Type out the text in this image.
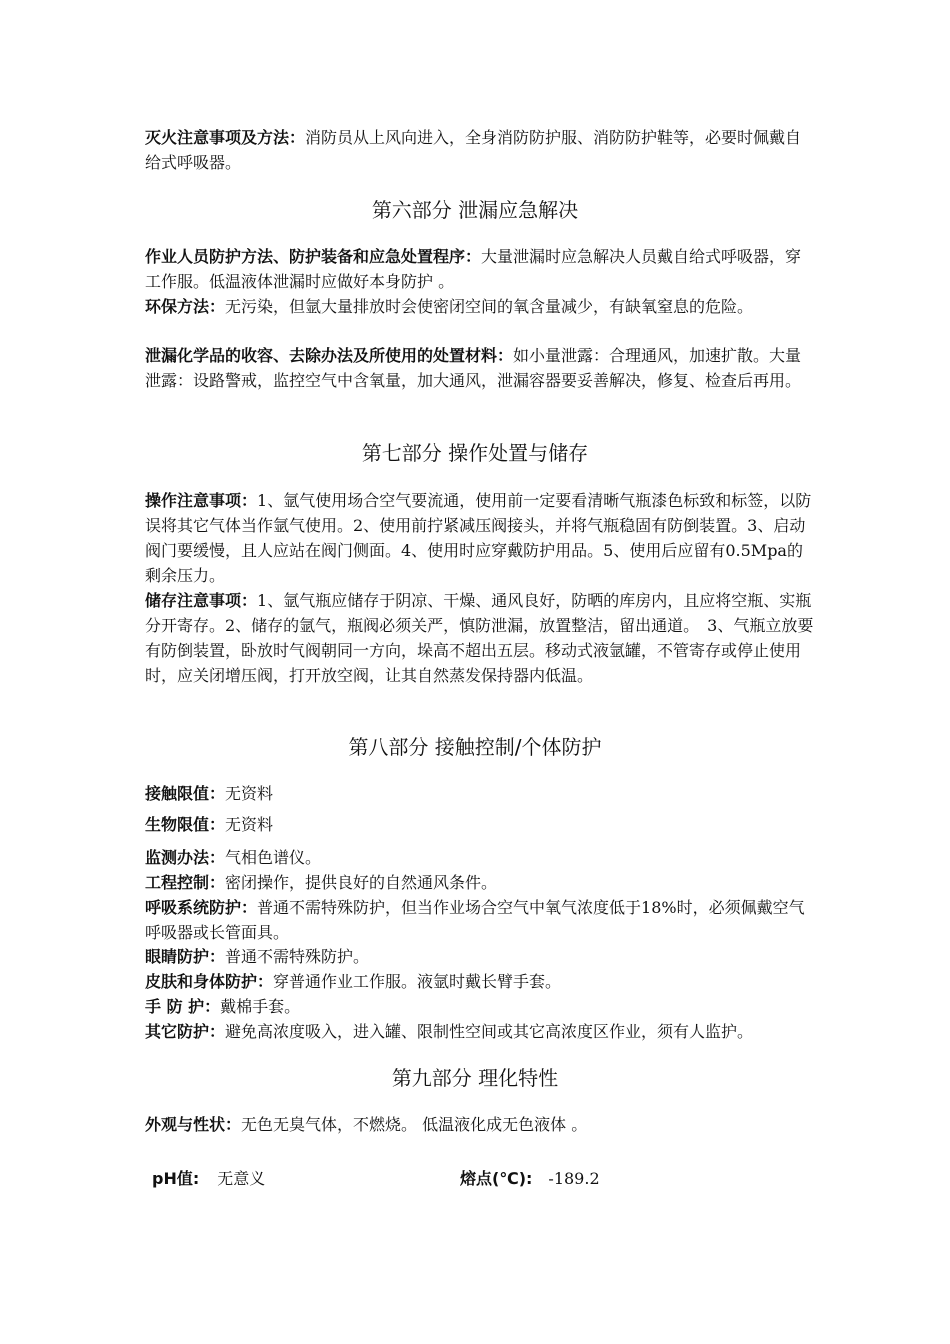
灭火注意事项及方法：消防员从上风向进入，全身消防防护服、消防防护鞋等，必要时佩戴自给式呼吸器。
第六部分 泄漏应急解决
作业人员防护方法、防护装备和应急处置程序：大量泄漏时应急解决人员戴自给式呼吸器，穿工作服。低温液体泄漏时应做好本身防护 。
环保方法：无污染，但氩大量排放时会使密闭空间的氧含量减少，有缺氧窒息的危险。
泄漏化学品的收容、去除办法及所使用的处置材料：如小量泄露：合理通风，加速扩散。大量泄露：设路警戒，监控空气中含氧量，加大通风，泄漏容器要妥善解决，修复、检查后再用。
第七部分 操作处置与储存
操作注意事项：1、氩气使用场合空气要流通，使用前一定要看清晰气瓶漆色标致和标签，以防误将其它气体当作氩气使用。2、使用前拧紧减压阀接头，并将气瓶稳固有防倒装置。3、启动阀门要缓慢，且人应站在阀门侧面。4、使用时应穿戴防护用品。5、使用后应留有0.5Mpa的剩余压力。
储存注意事项：1、氩气瓶应储存于阴凉、干燥、通风良好，防晒的库房内，且应将空瓶、实瓶分开寄存。2、储存的氩气，瓶阀必须关严，慎防泄漏，放置整洁，留出通道。　3、气瓶立放要有防倒装置，卧放时气阀朝同一方向，垛高不超出五层。移动式液氩罐，不管寄存或停止使用时，应关闭增压阀，打开放空阀，让其自然蒸发保持器内低温。
第八部分 接触控制/个体防护
接触限值：无资料
生物限值：无资料
监测办法：气相色谱仪。
工程控制：密闭操作，提供良好的自然通风条件。
呼吸系统防护：普通不需特殊防护，但当作业场合空气中氧气浓度低于18%时，必须佩戴空气呼吸器或长管面具。
眼睛防护：普通不需特殊防护。
皮肤和身体防护：穿普通作业工作服。液氩时戴长臂手套。
手 防 护：戴棉手套。
其它防护：避免高浓度吸入，进入罐、限制性空间或其它高浓度区作业，须有人监护。
第九部分 理化特性
外观与性状：无色无臭气体，不燃烧。 低温液化成无色液体 。
pH值: 无意义	熔点(℃): -189.2
